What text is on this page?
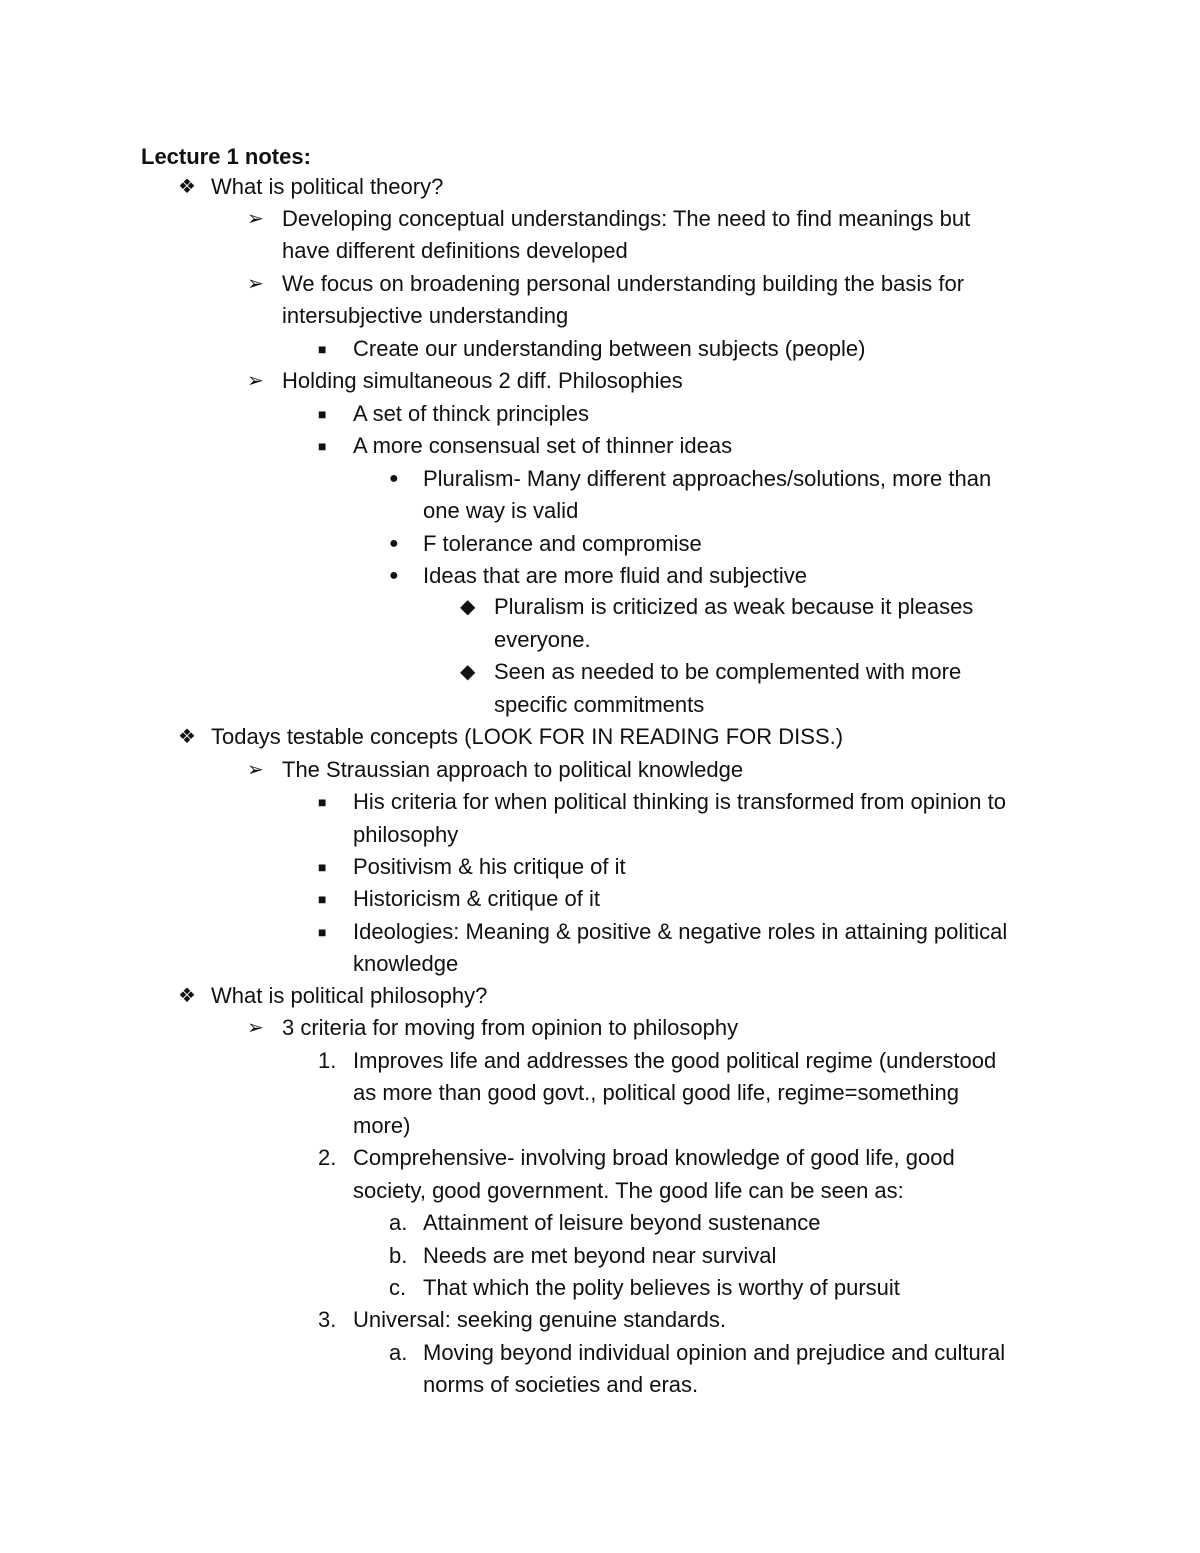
Lecture 1 notes:
❖ What is political theory?
➢ Developing conceptual understandings: The need to find meanings but
have different definitions developed
➢ We focus on broadening personal understanding building the basis for
intersubjective understanding
■ Create our understanding between subjects (people)
➢ Holding simultaneous 2 diff. Philosophies
■ A set of thinck principles
■ A more consensual set of thinner ideas
● Pluralism- Many different approaches/solutions, more than
one way is valid
● F tolerance and compromise
● Ideas that are more fluid and subjective
◆ Pluralism is criticized as weak because it pleases
everyone.
◆ Seen as needed to be complemented with more
specific commitments
❖ Todays testable concepts (LOOK FOR IN READING FOR DISS.)
➢ The Straussian approach to political knowledge
■ His criteria for when political thinking is transformed from opinion to
philosophy
■ Positivism & his critique of it
■ Historicism & critique of it
■ Ideologies: Meaning & positive & negative roles in attaining political
knowledge
❖ What is political philosophy?
➢ 3 criteria for moving from opinion to philosophy
1. Improves life and addresses the good political regime (understood
as more than good govt., political good life, regime=something
more)
2. Comprehensive- involving broad knowledge of good life, good
society, good government. The good life can be seen as:
a. Attainment of leisure beyond sustenance
b. Needs are met beyond near survival
c. That which the polity believes is worthy of pursuit
3. Universal: seeking genuine standards.
a. Moving beyond individual opinion and prejudice and cultural
norms of societies and eras.
